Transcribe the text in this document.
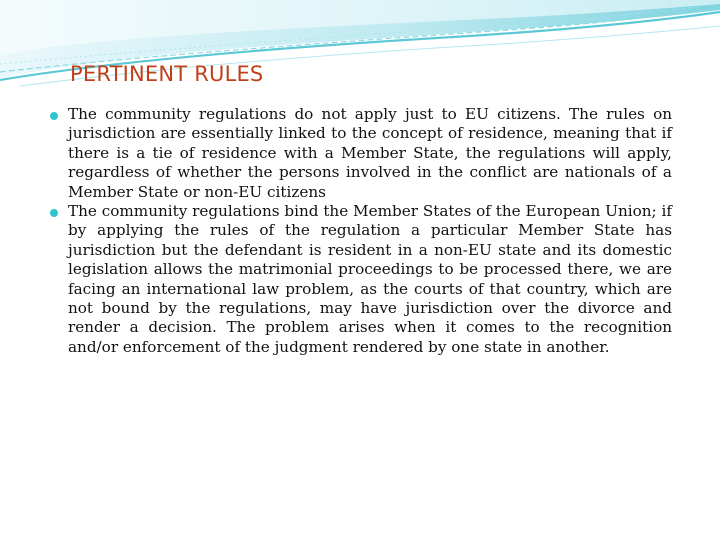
PERTINENT RULES
The community regulations do not apply just to EU citizens. The rules on jurisdiction are essentially linked to the concept of residence, meaning that if there is a tie of residence with a Member State, the regulations will apply, regardless of whether the persons involved in the conflict are nationals of a Member State or non-EU citizens
The community regulations bind the Member States of the European Union; if by applying the rules of the regulation a particular Member State has jurisdiction but the defendant is resident in a non-EU state and its domestic legislation allows the matrimonial proceedings to be processed there, we are facing an international law problem, as the courts of that country, which are not bound by the regulations, may have jurisdiction over the divorce and render a decision. The problem arises when it comes to the recognition and/or enforcement of the judgment rendered by one state in another.
